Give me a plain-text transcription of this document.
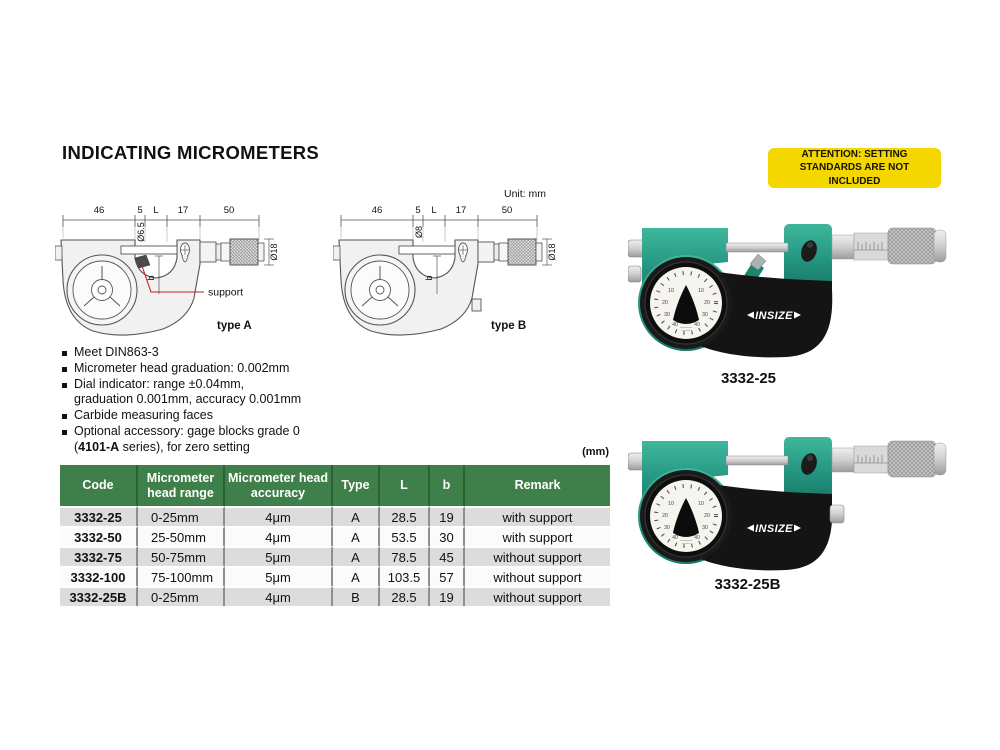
INDICATING MICROMETERS	ATTENTION: SETTING STANDARDS ARE NOT INCLUDED
Unit: mm
46	5 L 17	50
b
Ø6.5
Ø18
support
type A
46	5 L 17	50
b
Ø8
Ø18
type B
Meet DIN863-3
Micrometer head graduation: 0.002mm
Dial indicator: range ±0.04mm,
graduation 0.001mm, accuracy 0.001mm
Carbide measuring faces
Optional accessory: gage blocks grade 0
(4101-A series), for zero setting	(mm)
Code	Micrometer head range	Micrometer head accuracy	Type	L	b	Remark
3332-25	0-25mm	4μm	A	28.5	19	with support
3332-50	25-50mm	4μm	A	53.5	30	with support
3332-75	50-75mm	5μm	A	78.5	45	without support
3332-100	75-100mm	5μm	A	103.5	57	without support
3332-25B	0-25mm	4μm	B	28.5	19	without support
10
20
30
40
10
20
30
40
INSIZE
3332-25
10
20
30
40
10
20
30
40
INSIZE
3332-25B
